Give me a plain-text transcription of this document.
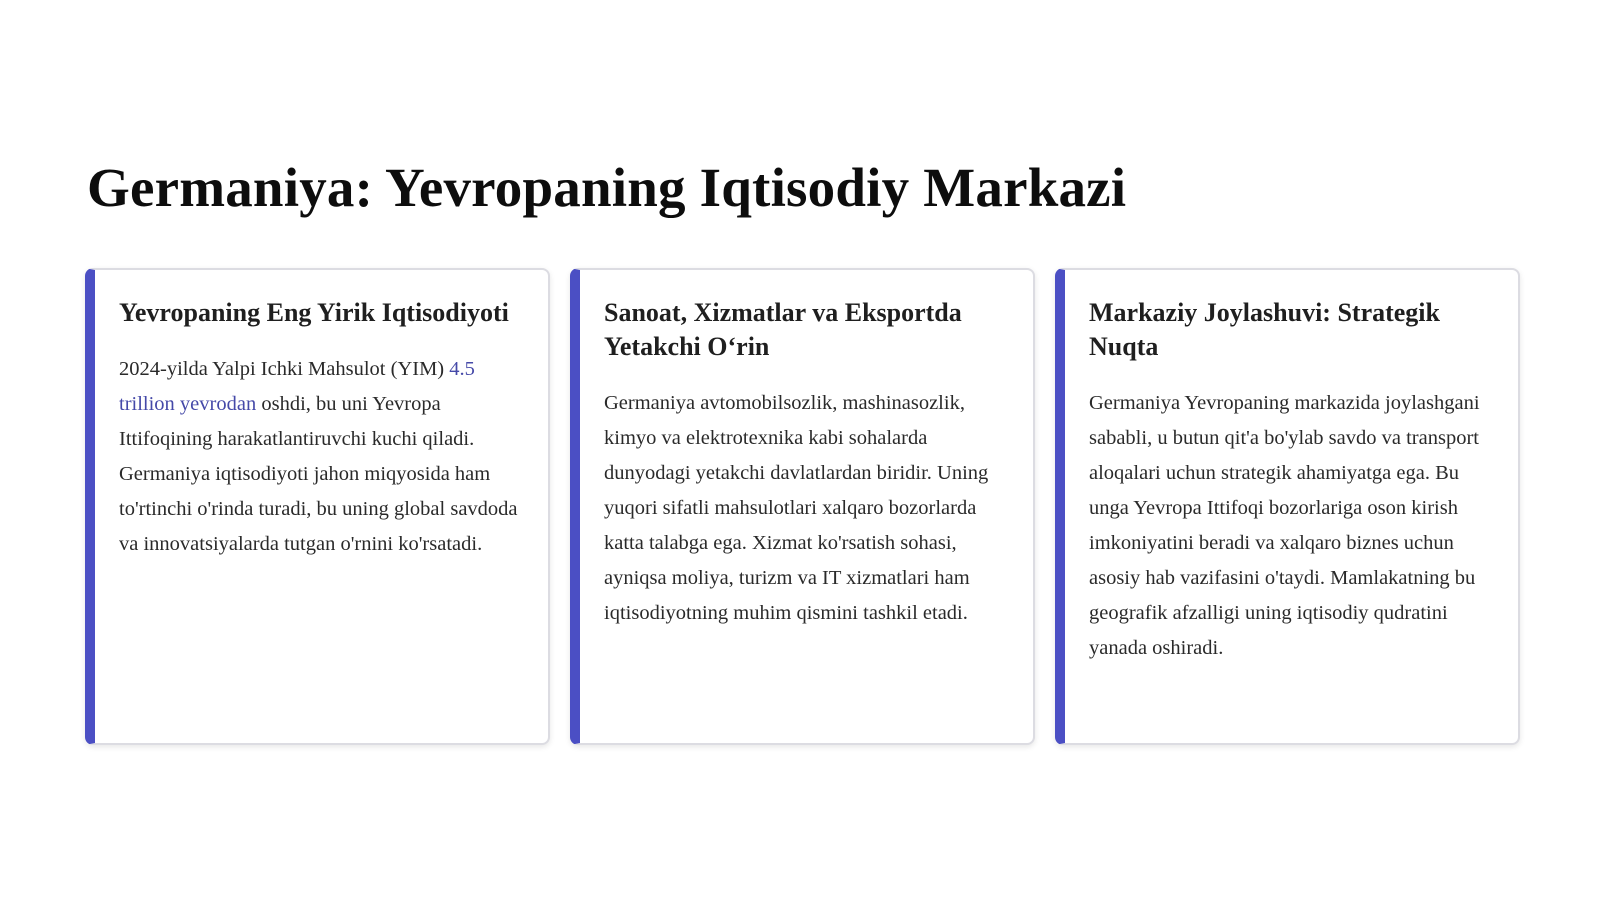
Germaniya: Yevropaning Iqtisodiy Markazi
Yevropaning Eng Yirik Iqtisodiyoti

2024-yilda Yalpi Ichki Mahsulot (YIM) 4.5 trillion yevrodan oshdi, bu uni Yevropa Ittifoqining harakatlantiruvchi kuchi qiladi. Germaniya iqtisodiyoti jahon miqyosida ham to'rtinchi o'rinda turadi, bu uning global savdoda va innovatsiyalarda tutgan o'rnini ko'rsatadi.

Sanoat, Xizmatlar va Eksportda Yetakchi O‘rin

Germaniya avtomobilsozlik, mashinasozlik, kimyo va elektrotexnika kabi sohalarda dunyodagi yetakchi davlatlardan biridir. Uning yuqori sifatli mahsulotlari xalqaro bozorlarda katta talabga ega. Xizmat ko'rsatish sohasi, ayniqsa moliya, turizm va IT xizmatlari ham iqtisodiyotning muhim qismini tashkil etadi.

Markaziy Joylashuvi: Strategik Nuqta

Germaniya Yevropaning markazida joylashgani sababli, u butun qit'a bo'ylab savdo va transport aloqalari uchun strategik ahamiyatga ega. Bu unga Yevropa Ittifoqi bozorlariga oson kirish imkoniyatini beradi va xalqaro biznes uchun asosiy hab vazifasini o'taydi. Mamlakatning bu geografik afzalligi uning iqtisodiy qudratini yanada oshiradi.
